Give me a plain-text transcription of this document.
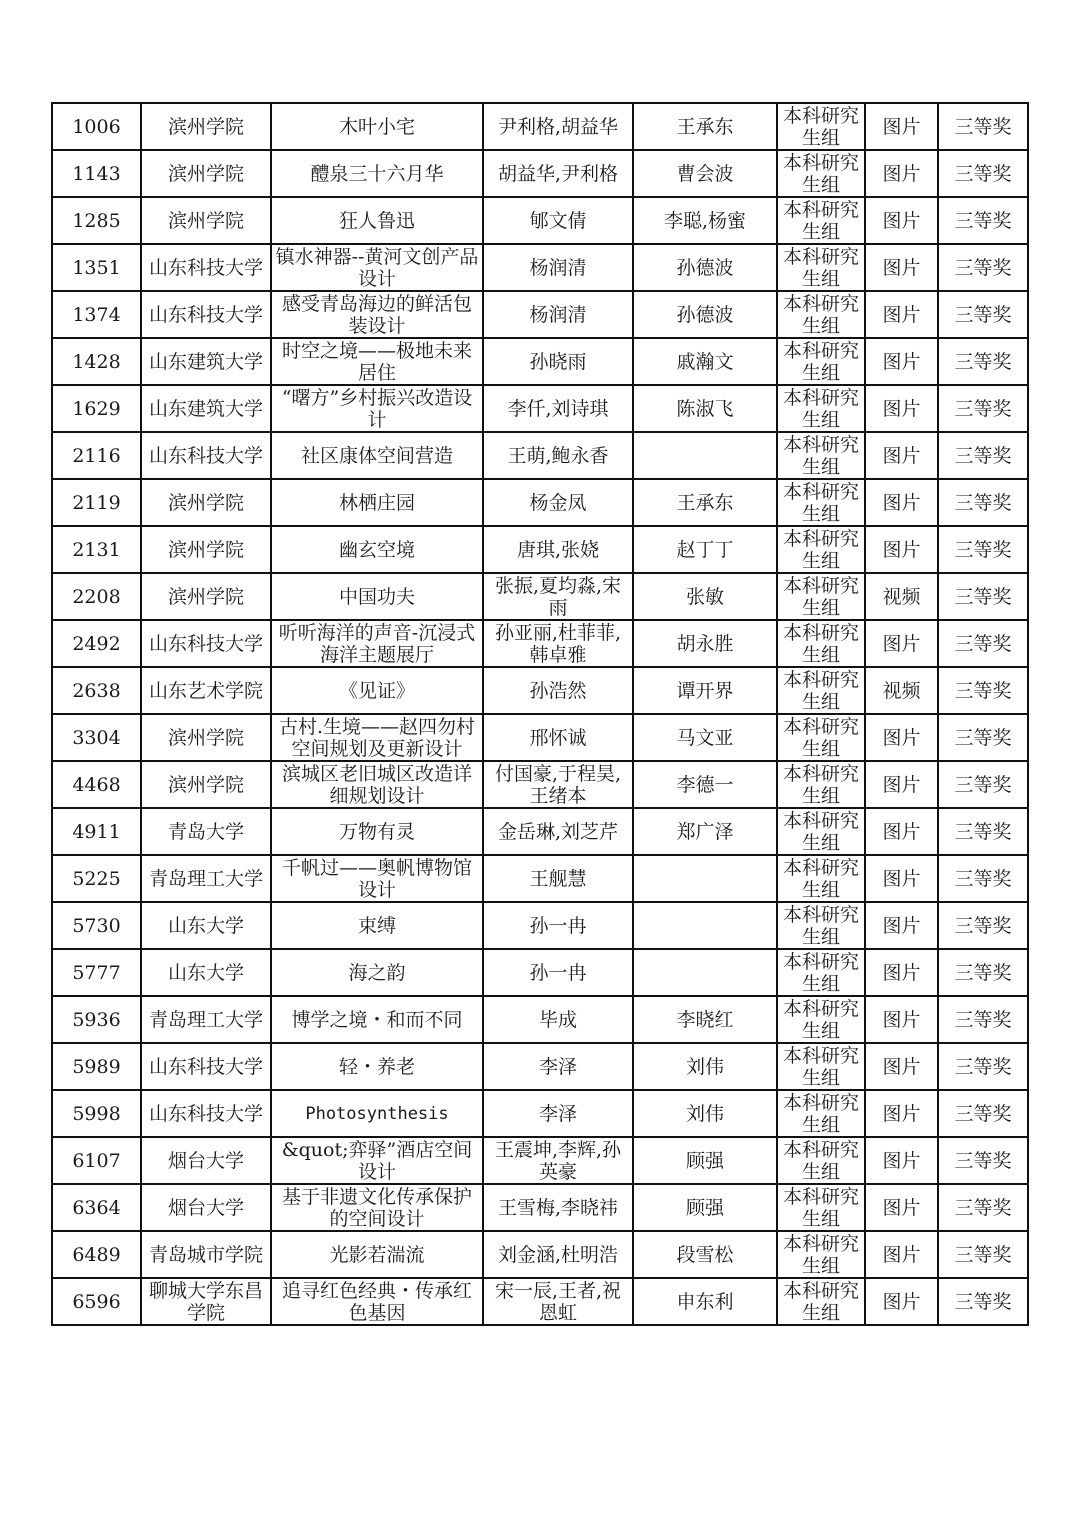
1006	滨州学院	木叶小宅	尹利格,胡益华	王承东	本科研究生组	图片	三等奖
1143	滨州学院	醴泉三十六月华	胡益华,尹利格	曹会波	本科研究生组	图片	三等奖
1285	滨州学院	狂人鲁迅	郇文倩	李聪,杨蜜	本科研究生组	图片	三等奖
1351	山东科技大学	镇水神器--黄河文创产品设计	杨润清	孙德波	本科研究生组	图片	三等奖
1374	山东科技大学	感受青岛海边的鲜活包装设计	杨润清	孙德波	本科研究生组	图片	三等奖
1428	山东建筑大学	时空之境——极地未来居住	孙晓雨	戚瀚文	本科研究生组	图片	三等奖
1629	山东建筑大学	“曙方”乡村振兴改造设计	李仟,刘诗琪	陈淑飞	本科研究生组	图片	三等奖
2116	山东科技大学	社区康体空间营造	王萌,鲍永香		本科研究生组	图片	三等奖
2119	滨州学院	林栖庄园	杨金凤	王承东	本科研究生组	图片	三等奖
2131	滨州学院	幽玄空境	唐琪,张娆	赵丁丁	本科研究生组	图片	三等奖
2208	滨州学院	中国功夫	张振,夏均淼,宋雨	张敏	本科研究生组	视频	三等奖
2492	山东科技大学	听听海洋的声音-沉浸式海洋主题展厅	孙亚丽,杜菲菲,韩卓雅	胡永胜	本科研究生组	图片	三等奖
2638	山东艺术学院	《见证》	孙浩然	谭开界	本科研究生组	视频	三等奖
3304	滨州学院	古村.生境——赵四勿村空间规划及更新设计	邢怀诚	马文亚	本科研究生组	图片	三等奖
4468	滨州学院	滨城区老旧城区改造详细规划设计	付国豪,于程昊,王绪本	李德一	本科研究生组	图片	三等奖
4911	青岛大学	万物有灵	金岳琳,刘芝芹	郑广泽	本科研究生组	图片	三等奖
5225	青岛理工大学	千帆过——奥帆博物馆设计	王舰慧		本科研究生组	图片	三等奖
5730	山东大学	束缚	孙一冉		本科研究生组	图片	三等奖
5777	山东大学	海之韵	孙一冉		本科研究生组	图片	三等奖
5936	青岛理工大学	博学之境・和而不同	毕成	李晓红	本科研究生组	图片	三等奖
5989	山东科技大学	轻・养老	李泽	刘伟	本科研究生组	图片	三等奖
5998	山东科技大学	Photosynthesis	李泽	刘伟	本科研究生组	图片	三等奖
6107	烟台大学	&quot;弈驿”酒店空间设计	王震坤,李辉,孙英豪	顾强	本科研究生组	图片	三等奖
6364	烟台大学	基于非遗文化传承保护的空间设计	王雪梅,李晓祎	顾强	本科研究生组	图片	三等奖
6489	青岛城市学院	光影若湍流	刘金涵,杜明浩	段雪松	本科研究生组	图片	三等奖
6596	聊城大学东昌学院	追寻红色经典・传承红色基因	宋一辰,王者,祝恩虹	申东利	本科研究生组	图片	三等奖
